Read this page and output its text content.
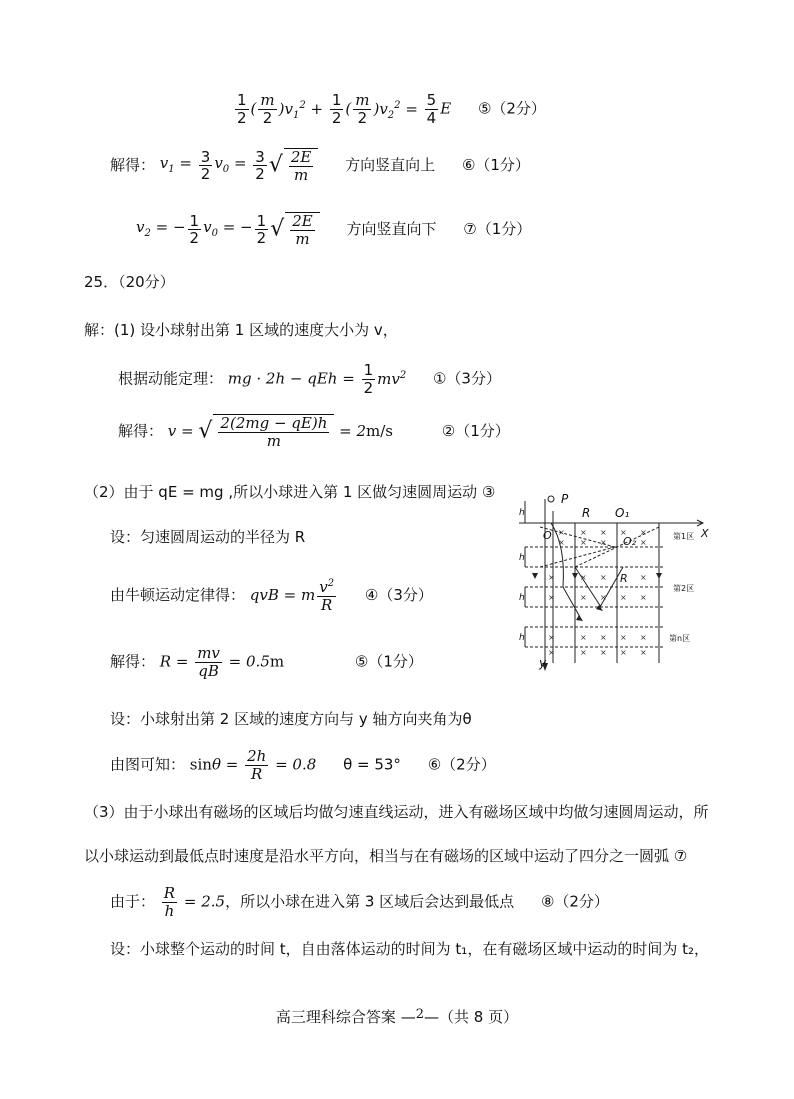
$\frac{1}{2}$ ( $\frac{m}{2} )v_1^2 + \frac{1}{2}$ ( $\frac{m}{2} )v_2^2 = \frac{5}{4}$ E ⑤（2分）
解得： $v_1 = \frac{3}{2} v_0 = \frac{3}{2}$ √ $\frac{2E}{m}$ 方向竖直向上 ⑥（1分）
$v_2$ = − $\frac{1}{2} v_0$ = − $\frac{1}{2}$ √ $\frac{2E}{m}$ 方向竖直向下 ⑦（1分）
25．（20分）
解：(1) 设小球射出第 1 区域的速度大小为 v，
根据动能定理： mg · 2h − qEh = $\frac{1}{2} mv^2$ ①（3分）
解得： v = √ $\frac{2(2mg - qE)h}{m} = 2m/s$	②（1分）
（2）由于 qE = mg ,所以小球进入第 1 区做匀速圆周运动 ③
设：匀速圆周运动的半径为 R
由牛顿运动定律得： qvB = m $\frac{v^2}{R}$ ④（3分）
解得： $R = \frac{mv}{qB} = 0.5m$	⑤（1分）
设：小球射出第 2 区域的速度方向与 y 轴方向夹角为θ
由图可知： $\sin\theta = \frac{2h}{R} = 0.8$ θ = 53° ⑥（2分）
（3）由于小球出有磁场的区域后均做匀速直线运动，进入有磁场区域中均做匀速圆周运动，所
以小球运动到最低点时速度是沿水平方向，相当与在有磁场的区域中运动了四分之一圆弧 ⑦
由于： $\frac{R}{h} = 2.5$，所以小球在进入第 3 区域后会达到最低点 ⑧（2分）
设：小球整个运动的时间 t，自由落体运动的时间为 t₁，在有磁场区域中运动的时间为 t₂，
× × × × ×
× × ×	×
×	× ×	×
×	× × × ×
×	× × × ×
×	× × × ×
P
R O₁
O	O₂
R
X
y
h
h
h
h
第1区
第2区
第n区
高三理科综合答案 —2—（共 8 页）
